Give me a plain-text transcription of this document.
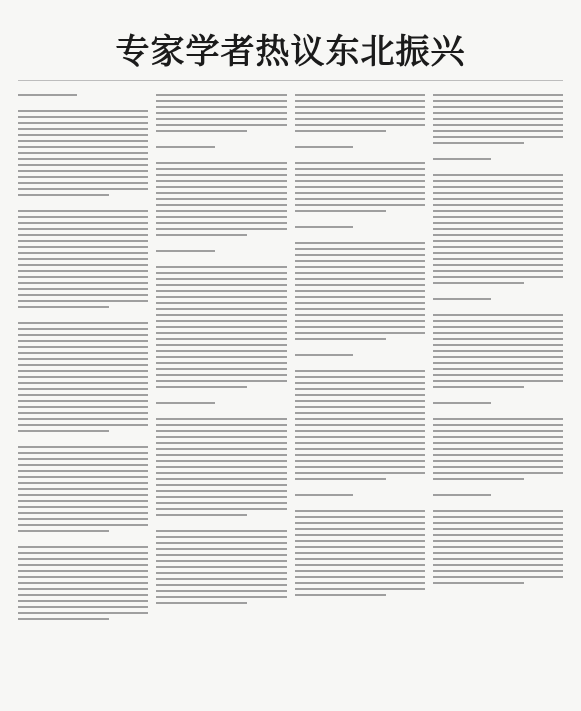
专家学者热议东北振兴
